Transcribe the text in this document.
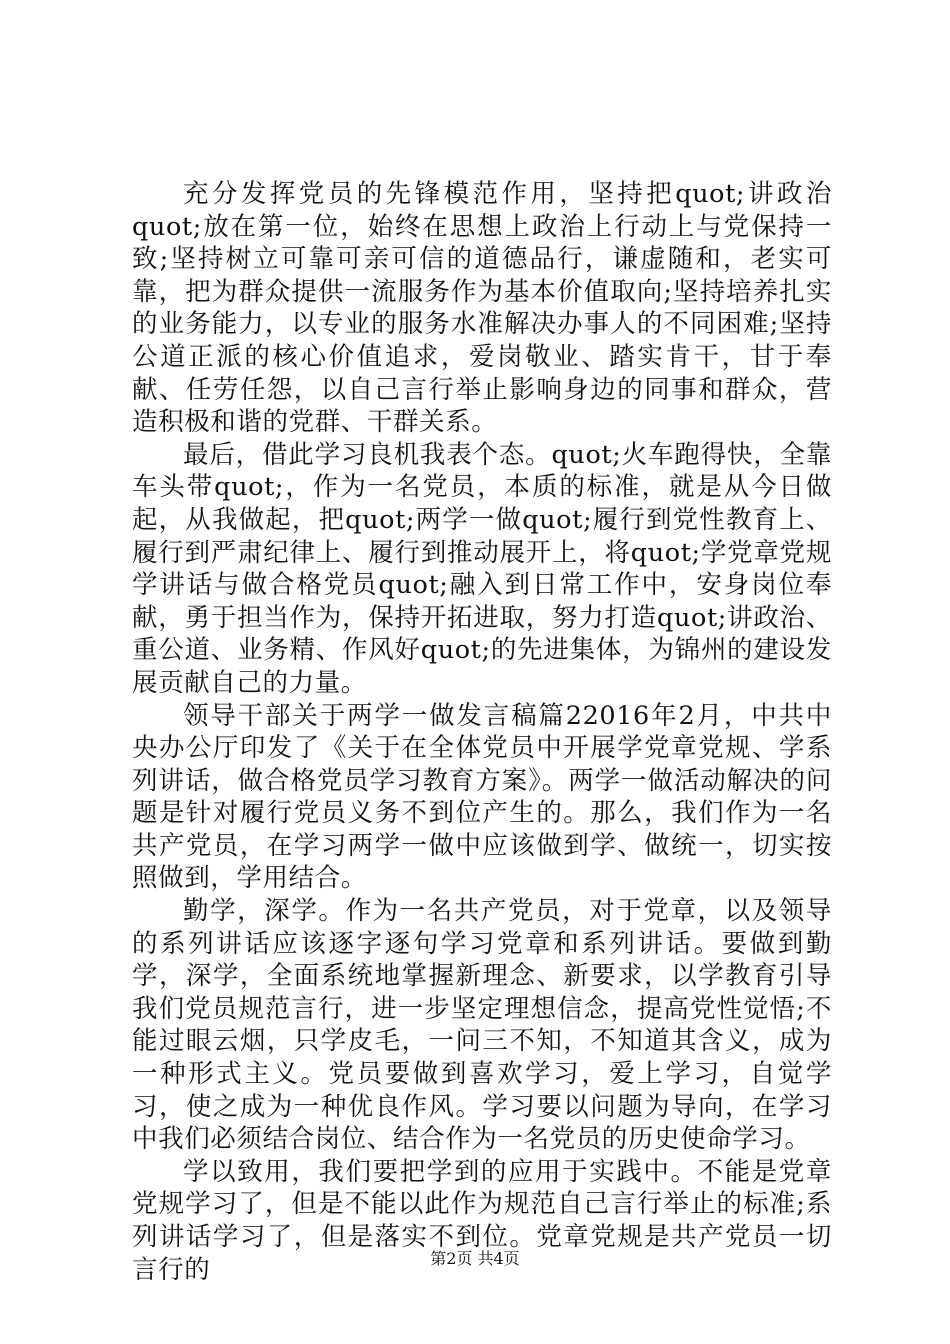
充分发挥党员的先锋模范作用，坚持把quot;讲政治quot;放在第一位，始终在思想上政治上行动上与党保持一致;坚持树立可靠可亲可信的道德品行，谦虚随和，老实可靠，把为群众提供一流服务作为基本价值取向;坚持培养扎实的业务能力，以专业的服务水准解决办事人的不同困难;坚持公道正派的核心价值追求，爱岗敬业、踏实肯干，甘于奉献、任劳任怨，以自己言行举止影响身边的同事和群众，营造积极和谐的党群、干群关系。

最后，借此学习良机我表个态。quot;火车跑得快，全靠车头带quot;，作为一名党员，本质的标准，就是从今日做起，从我做起，把quot;两学一做quot;履行到党性教育上、履行到严肃纪律上、履行到推动展开上，将quot;学党章党规学讲话与做合格党员quot;融入到日常工作中，安身岗位奉献，勇于担当作为，保持开拓进取，努力打造quot;讲政治、重公道、业务精、作风好quot;的先进集体，为锦州的建设发展贡献自己的力量。

领导干部关于两学一做发言稿篇22016年2月，中共中央办公厅印发了《关于在全体党员中开展学党章党规、学系列讲话，做合格党员学习教育方案》。两学一做活动解决的问题是针对履行党员义务不到位产生的。那么，我们作为一名共产党员，在学习两学一做中应该做到学、做统一，切实按照做到，学用结合。

勤学，深学。作为一名共产党员，对于党章，以及领导的系列讲话应该逐字逐句学习党章和系列讲话。要做到勤学，深学，全面系统地掌握新理念、新要求，以学教育引导我们党员规范言行，进一步坚定理想信念，提高党性觉悟;不能过眼云烟，只学皮毛，一问三不知，不知道其含义，成为一种形式主义。党员要做到喜欢学习，爱上学习，自觉学习，使之成为一种优良作风。学习要以问题为导向，在学习中我们必须结合岗位、结合作为一名党员的历史使命学习。

学以致用，我们要把学到的应用于实践中。不能是党章党规学习了，但是不能以此作为规范自己言行举止的标准;系列讲话学习了，但是落实不到位。党章党规是共产党员一切言行的	第2页 共4页
